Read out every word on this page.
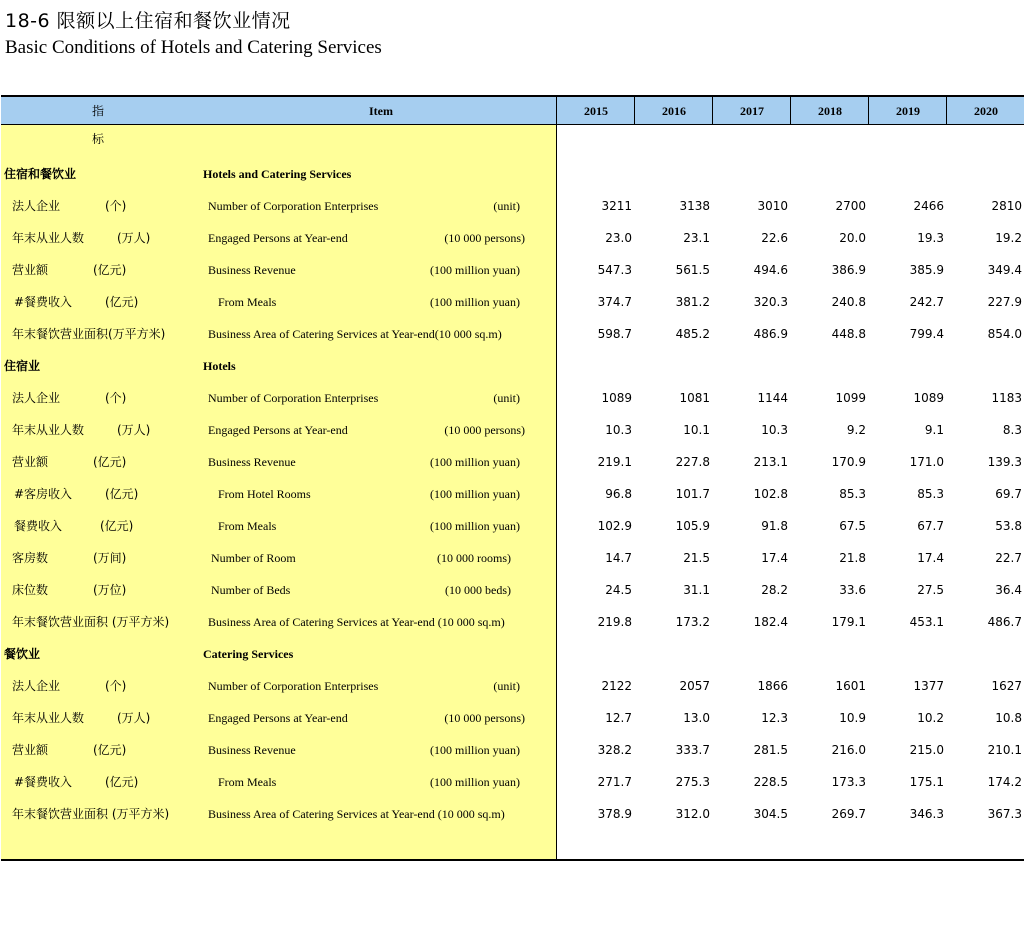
18-6 限额以上住宿和餐饮业情况
Basic Conditions of Hotels and Catering Services
指 标
Item	2015	2016	2017	2018	2019	2020
住宿和餐饮业	Hotels and Catering Services
法人企业	(个)	Number of Corporation Enterprises	(unit)	3211	3138	3010	2700	2466	2810
年末从业人数	(万人)	Engaged Persons at Year-end	(10 000 persons)	23.0	23.1	22.6	20.0	19.3	19.2
营业额	(亿元)	Business Revenue	(100 million yuan)	547.3	561.5	494.6	386.9	385.9	349.4
#餐费收入	(亿元)	From Meals	(100 million yuan)	374.7	381.2	320.3	240.8	242.7	227.9
年末餐饮营业面积(万平方米)	Business Area of Catering Services at Year-end(10 000 sq.m)	598.7	485.2	486.9	448.8	799.4	854.0
住宿业	Hotels
法人企业	(个)	Number of Corporation Enterprises	(unit)	1089	1081	1144	1099	1089	1183
年末从业人数	(万人)	Engaged Persons at Year-end	(10 000 persons)	10.3	10.1	10.3	9.2	9.1	8.3
营业额	(亿元)	Business Revenue	(100 million yuan)	219.1	227.8	213.1	170.9	171.0	139.3
#客房收入	(亿元)	From Hotel Rooms	(100 million yuan)	96.8	101.7	102.8	85.3	85.3	69.7
餐费收入	(亿元)	From Meals	(100 million yuan)	102.9	105.9	91.8	67.5	67.7	53.8
客房数	(万间)	Number of Room	(10 000 rooms)	14.7	21.5	17.4	21.8	17.4	22.7
床位数	(万位)	Number of Beds	(10 000 beds)	24.5	31.1	28.2	33.6	27.5	36.4
年末餐饮营业面积 (万平方米)	Business Area of Catering Services at Year-end (10 000 sq.m)	219.8	173.2	182.4	179.1	453.1	486.7
餐饮业	Catering Services
法人企业	(个)	Number of Corporation Enterprises	(unit)	2122	2057	1866	1601	1377	1627
年末从业人数	(万人)	Engaged Persons at Year-end	(10 000 persons)	12.7	13.0	12.3	10.9	10.2	10.8
营业额	(亿元)	Business Revenue	(100 million yuan)	328.2	333.7	281.5	216.0	215.0	210.1
#餐费收入	(亿元)	From Meals	(100 million yuan)	271.7	275.3	228.5	173.3	175.1	174.2
年末餐饮营业面积 (万平方米)	Business Area of Catering Services at Year-end (10 000 sq.m)	378.9	312.0	304.5	269.7	346.3	367.3
